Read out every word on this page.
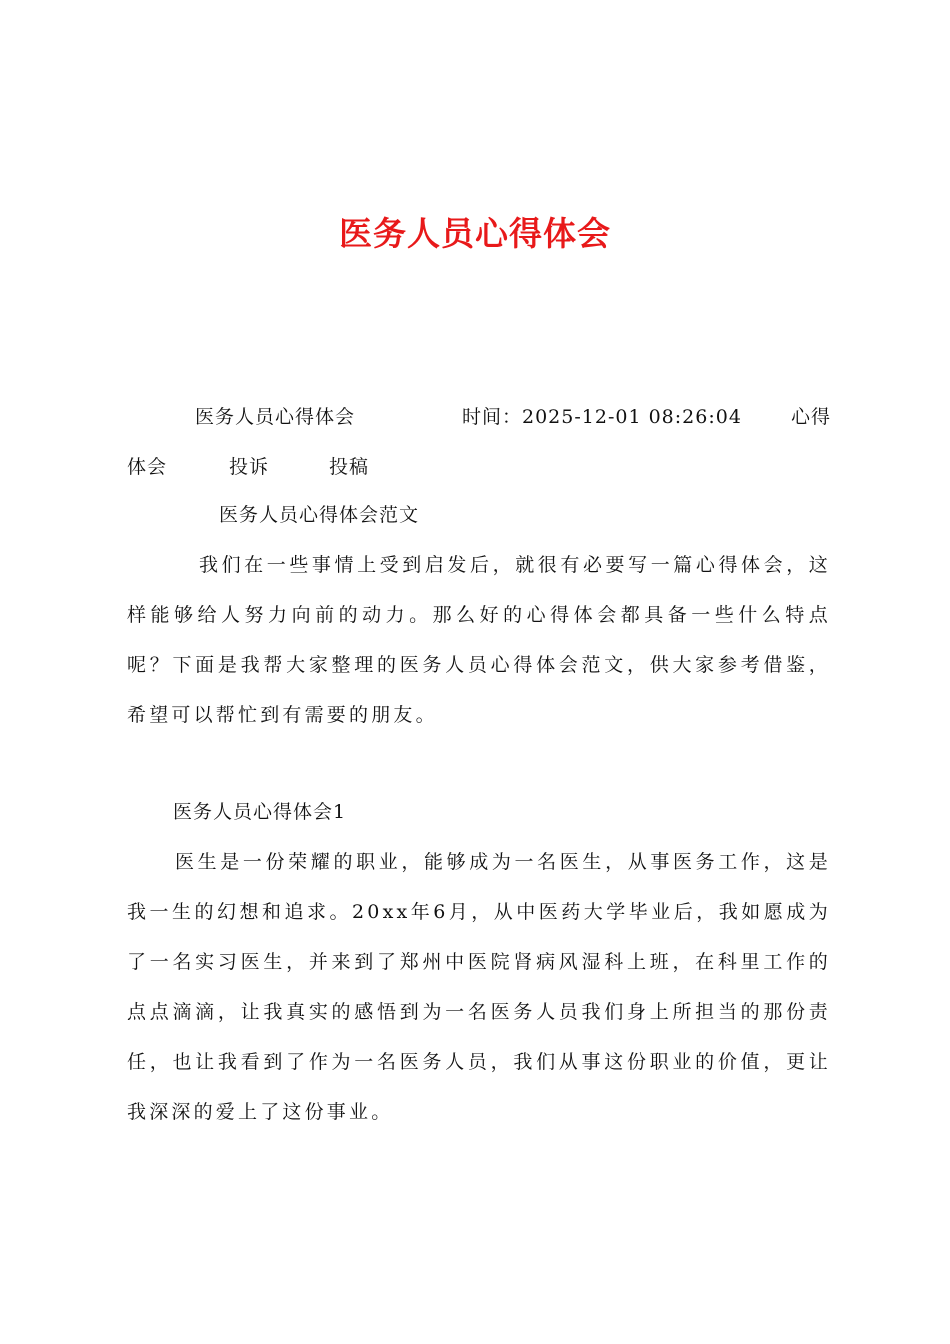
医务人员心得体会
医务人员心得体会	时间：2025-12-01 08:26:04	心得
体会	投诉	投稿
医务人员心得体会范文

我们在一些事情上受到启发后，就很有必要写一篇心得体会，这样能够给人努力向前的动力。那么好的心得体会都具备一些什么特点呢？下面是我帮大家整理的医务人员心得体会范文，供大家参考借鉴，希望可以帮忙到有需要的朋友。

医务人员心得体会1

医生是一份荣耀的职业，能够成为一名医生，从事医务工作，这是我一生的幻想和追求。20xx年6月，从中医药大学毕业后，我如愿成为了一名实习医生，并来到了郑州中医院肾病风湿科上班，在科里工作的点点滴滴，让我真实的感悟到为一名医务人员我们身上所担当的那份责任，也让我看到了作为一名医务人员，我们从事这份职业的价值，更让我深深的爱上了这份事业。
